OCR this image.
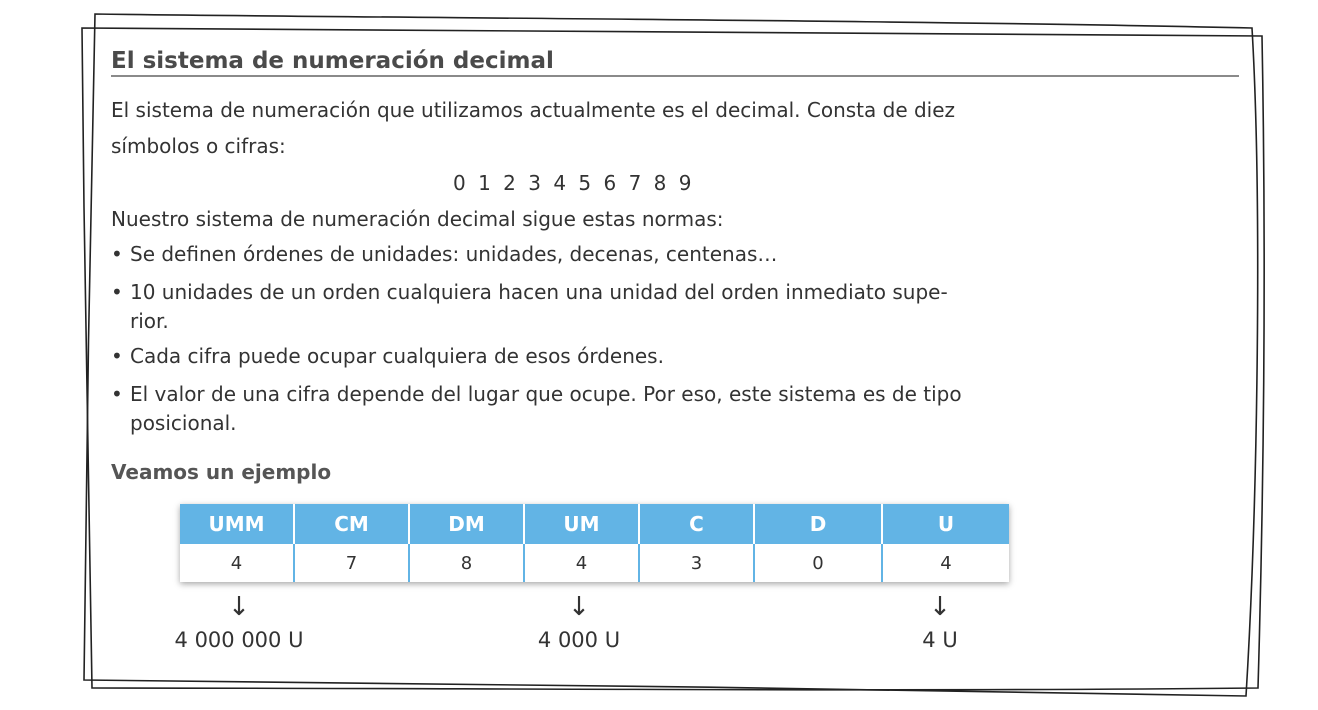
El sistema de numeración decimal
El sistema de numeración que utilizamos actualmente es el decimal. Consta de diez
símbolos o cifras:
0 1 2 3 4 5 6 7 8 9
Nuestro sistema de numeración decimal sigue estas normas:
• Se definen órdenes de unidades: unidades, decenas, centenas…
• 10 unidades de un orden cualquiera hacen una unidad del orden inmediato supe-
rior.
• Cada cifra puede ocupar cualquiera de esos órdenes.
• El valor de una cifra depende del lugar que ocupe. Por eso, este sistema es de tipo
posicional.
Veamos un ejemplo
UMM	CM	DM	UM	C	D	U
4	7	8	4	3	0	4
↓	↓	↓
4 000 000 U	4 000 U	4 U
